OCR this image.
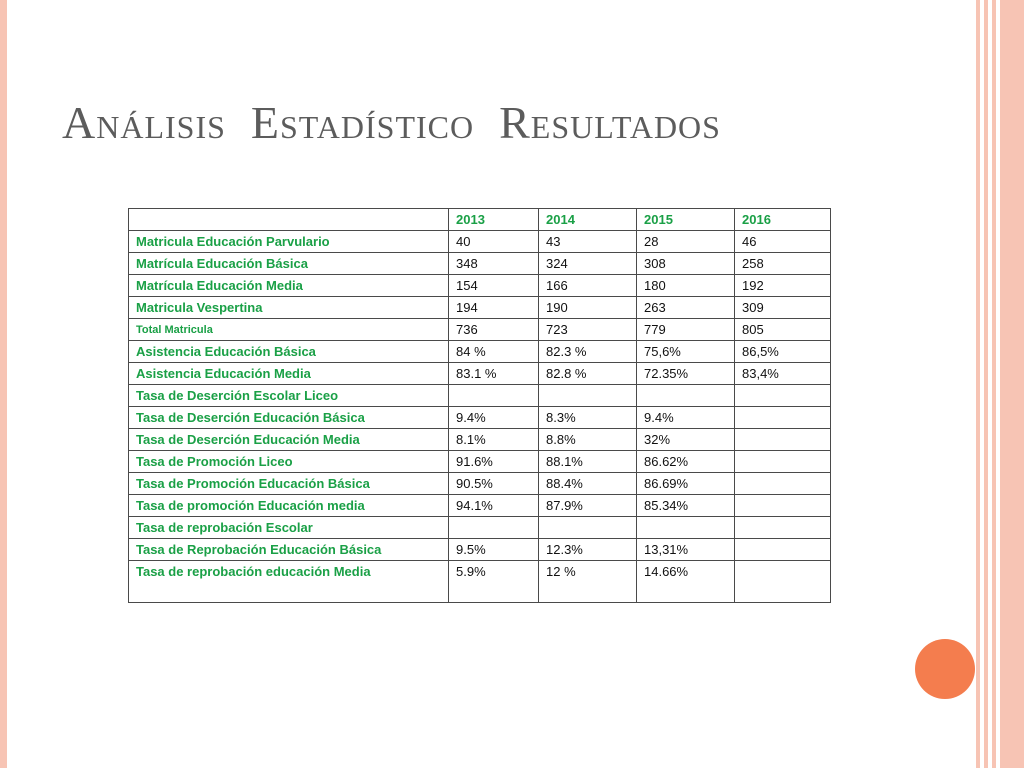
Análisis  Estadístico  Resultados
	2013	2014	2015	2016
Matricula Educación Parvulario	40	43	28	46
Matrícula Educación Básica	348	324	308	258
Matrícula Educación Media	154	166	180	192
Matricula Vespertina	194	190	263	309
Total Matricula	736	723	779	805
Asistencia Educación Básica	84 %	82.3 %	75,6%	86,5%
Asistencia Educación Media	83.1 %	82.8 %	72.35%	83,4%
Tasa de Deserción Escolar Liceo				
Tasa de Deserción Educación Básica	9.4%	8.3%	9.4%	
Tasa de Deserción Educación Media	8.1%	8.8%	32%	
Tasa de Promoción Liceo	91.6%	88.1%	86.62%	
Tasa de Promoción Educación Básica	90.5%	88.4%	86.69%	
Tasa de promoción Educación media	94.1%	87.9%	85.34%	
Tasa de reprobación Escolar				
Tasa de Reprobación Educación Básica	9.5%	12.3%	13,31%	
Tasa de reprobación educación Media	5.9%	12 %	14.66%	
